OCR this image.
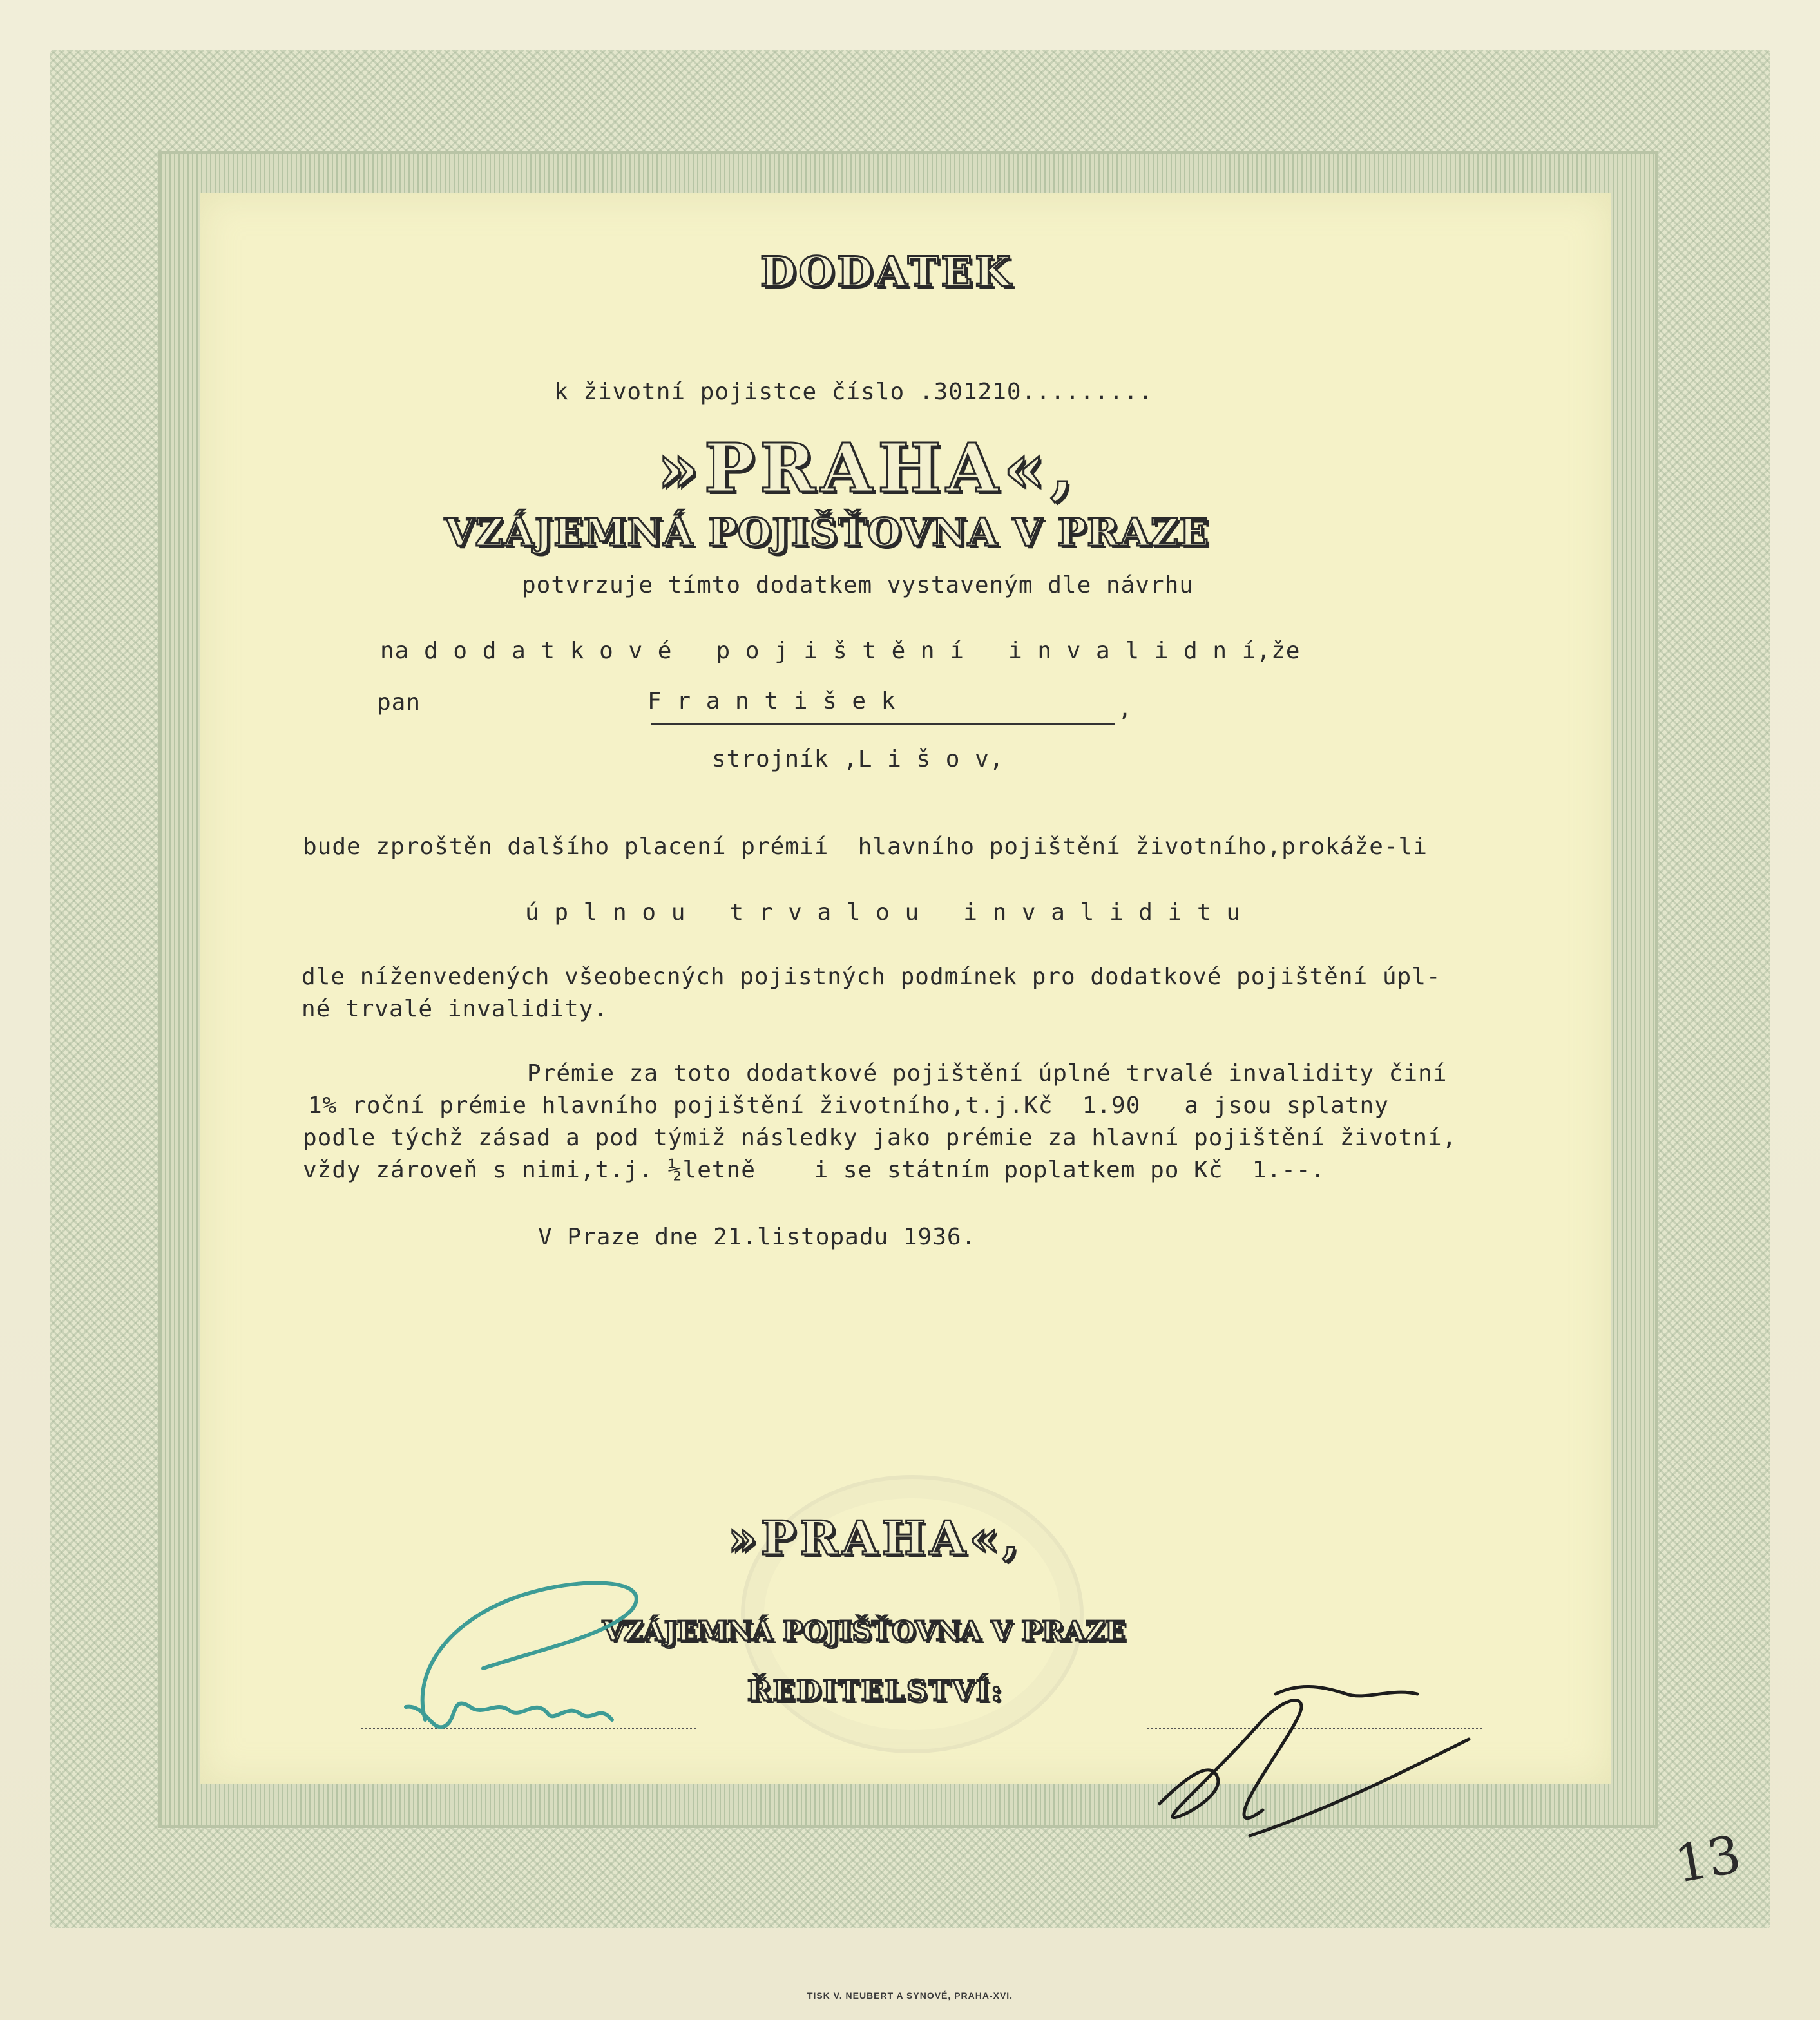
DODATEK
k životní pojistce číslo .301210.........
»PRAHA«,
VZÁJEMNÁ POJIŠŤOVNA V PRAZE
potvrzuje tímto dodatkem vystaveným dle návrhu
na d o d a t k o v é   p o j i š t ě n í   i n v a l i d n í,že
pan	F r a n t i š e k	,
strojník ,L i š o v,
bude zproštěn dalšího placení prémií  hlavního pojištění životního,prokáže-li
ú p l n o u   t r v a l o u   i n v a l i d i t u
dle níženvedených všeobecných pojistných podmínek pro dodatkové pojištění úpl-
né trvalé invalidity.
Prémie za toto dodatkové pojištění úplné trvalé invalidity činí
1% roční prémie hlavního pojištění životního,t.j.Kč  1.90   a jsou splatny
podle týchž zásad a pod týmiž následky jako prémie za hlavní pojištění životní,
vždy zároveň s nimi,t.j. ½letně    i se státním poplatkem po Kč  1.--.
V Praze dne 21.listopadu 1936.
»PRAHA«,
VZÁJEMNÁ POJIŠŤOVNA V PRAZE
ŘEDITELSTVÍ:
13
TISK V. NEUBERT A SYNOVÉ, PRAHA-XVI.
